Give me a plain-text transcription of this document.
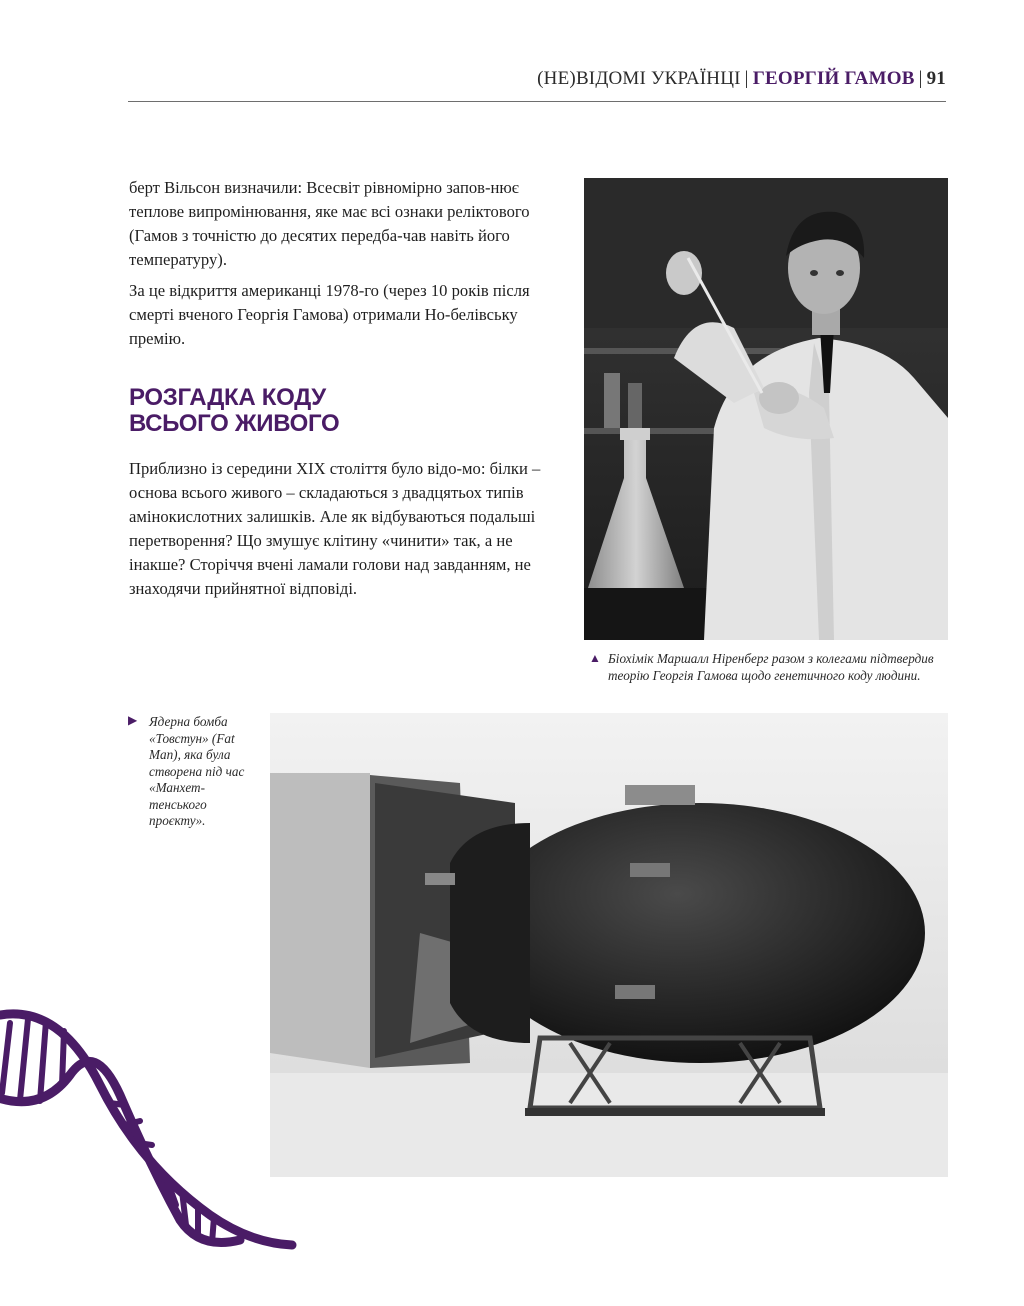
(НЕ)ВІДОМІ УКРАЇНЦІ | ГЕОРГІЙ ГАМОВ | 91

берт Вільсон визначили: Всесвіт рівномірно запов-нює теплове випромінювання, яке має всі ознаки реліктового (Гамов з точністю до десятих передба-чав навіть його температуру).

За це відкриття американці 1978-го (через 10 років після смерті вченого Георгія Гамова) отримали Но-белівську премію.

РОЗГАДКА КОДУ
ВСЬОГО ЖИВОГО

Приблизно із середини ХІХ століття було відо-мо: білки – основа всього живого – складаються з двадцятьох типів амінокислотних залишків. Але як відбуваються подальші перетворення? Що змушує клітину «чинити» так, а не інакше? Сторіччя вчені ламали голови над завданням, не знаходячи прийнятної відповіді.

▲ Біохімік Маршалл Ніренберг разом з колегами підтвердив теорію Георгія Гамова щодо генетичного коду людини.
▶ Ядерна бомба «Товстун» (Fat Man), яка була створена під час «Манхет-тенського проєкту».
